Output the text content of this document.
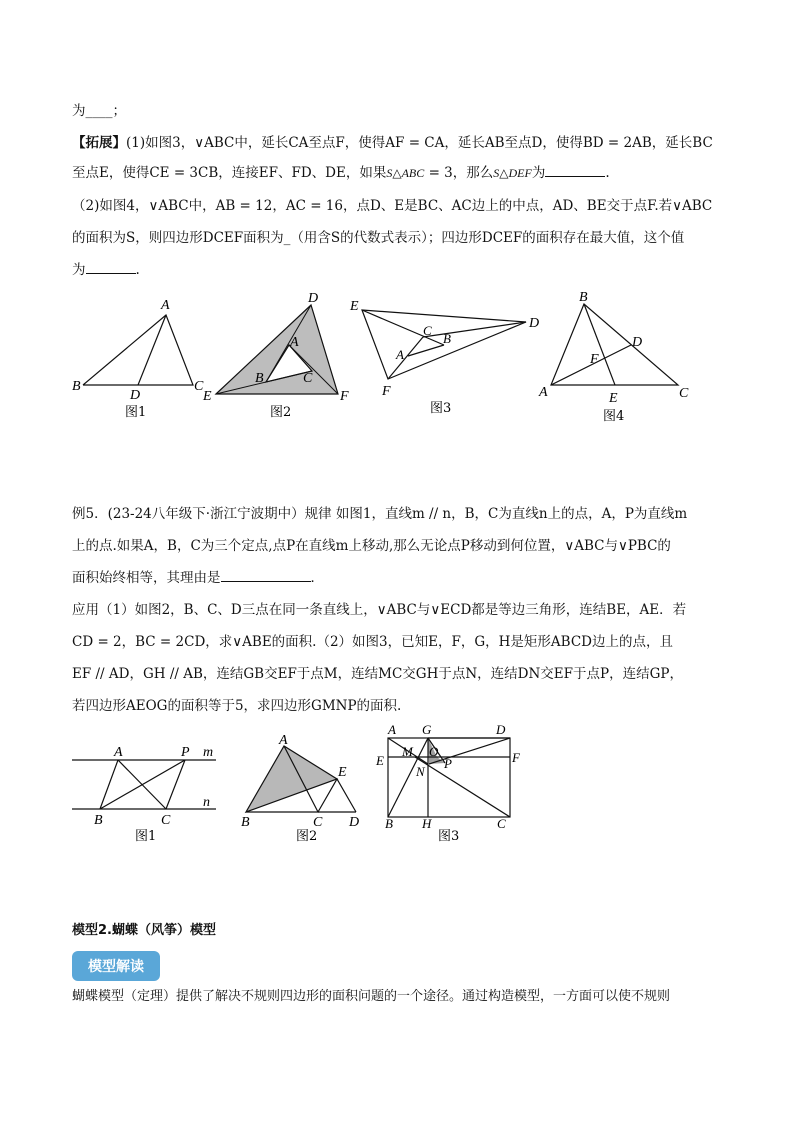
为____；
【拓展】(1)如图3，∨ABC中，延长CA至点F，使得AF = CA，延长AB至点D，使得BD = 2AB，延长BC
至点E，使得CE = 3CB，连接EF、FD、DE，如果S△ABC = 3，那么S△DEF为	.
（2)如图4，∨ABC中，AB = 12，AC = 16，点D、E是BC、AC边上的中点，AD、BE交于点F.若∨ABC
的面积为S，则四边形DCEF面积为_（用含S的代数式表示）；四边形DCEF的面积存在最大值，这个值
为	.
A
B	C
D
图1
D
A
B	C
E	F
图2
E
D
C
B
A
F
图3
B
D
F
A	E	C
图4
例5．(23-24八年级下·浙江宁波期中）规律 如图1，直线m // n，B，C为直线n上的点，A，P为直线m
上的点.如果A，B，C为三个定点,点P在直线m上移动,那么无论点P移动到何位置，∨ABC与∨PBC的
面积始终相等，其理由是	．
应用（1）如图2，B、C、D三点在同一条直线上，∨ABC与∨ECD都是等边三角形，连结BE，AE．若
CD = 2，BC = 2CD，求∨ABE的面积.（2）如图3，已知E，F，G，H是矩形ABCD边上的点，且
EF // AD，GH // AB，连结GB交EF于点M，连结MC交GH于点N，连结DN交EF于点P，连结GP，
若四边形AEOG的面积等于5，求四边形GMNP的面积.
A	P m
n
B	C
图1
A
E
B	C D
图2
A G	D
M O
E	F
N
P
B H	C
图3
模型2.蝴蝶（风筝）模型
模型解读
蝴蝶模型（定理）提供了解决不规则四边形的面积问题的一个途径。通过构造模型，一方面可以使不规则
